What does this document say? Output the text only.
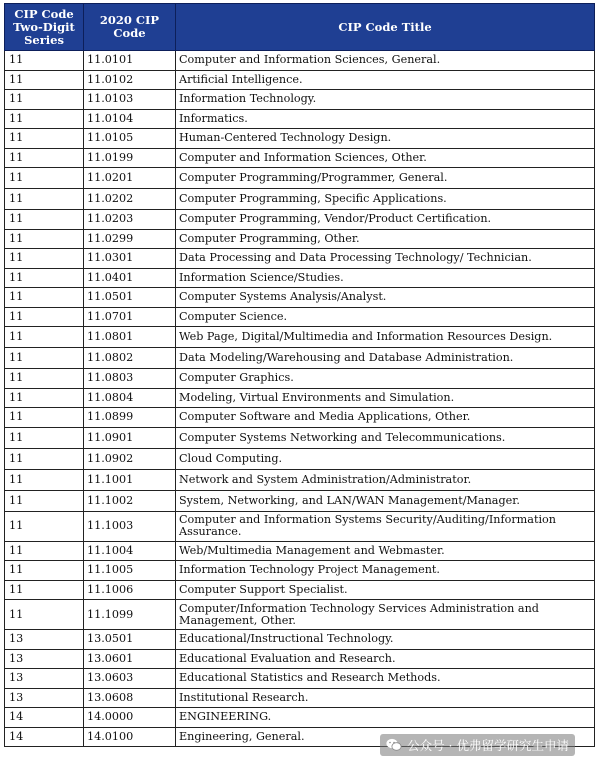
CIP Code Two-Digit Series	2020 CIP Code	CIP Code Title
11	11.0101	Computer and Information Sciences, General.
11	11.0102	Artificial Intelligence.
11	11.0103	Information Technology.
11	11.0104	Informatics.
11	11.0105	Human-Centered Technology Design.
11	11.0199	Computer and Information Sciences, Other.
11	11.0201	Computer Programming/Programmer, General.
11	11.0202	Computer Programming, Specific Applications.
11	11.0203	Computer Programming, Vendor/Product Certification.
11	11.0299	Computer Programming, Other.
11	11.0301	Data Processing and Data Processing Technology/ Technician.
11	11.0401	Information Science/Studies.
11	11.0501	Computer Systems Analysis/Analyst.
11	11.0701	Computer Science.
11	11.0801	Web Page, Digital/Multimedia and Information Resources Design.
11	11.0802	Data Modeling/Warehousing and Database Administration.
11	11.0803	Computer Graphics.
11	11.0804	Modeling, Virtual Environments and Simulation.
11	11.0899	Computer Software and Media Applications, Other.
11	11.0901	Computer Systems Networking and Telecommunications.
11	11.0902	Cloud Computing.
11	11.1001	Network and System Administration/Administrator.
11	11.1002	System, Networking, and LAN/WAN Management/Manager.
11	11.1003	Computer and Information Systems Security/Auditing/Information Assurance.
11	11.1004	Web/Multimedia Management and Webmaster.
11	11.1005	Information Technology Project Management.
11	11.1006	Computer Support Specialist.
11	11.1099	Computer/Information Technology Services Administration and Management, Other.
13	13.0501	Educational/Instructional Technology.
13	13.0601	Educational Evaluation and Research.
13	13.0603	Educational Statistics and Research Methods.
13	13.0608	Institutional Research.
14	14.0000	ENGINEERING.
14	14.0100	Engineering, General.
公众号 · 优弗留学研究生申请
